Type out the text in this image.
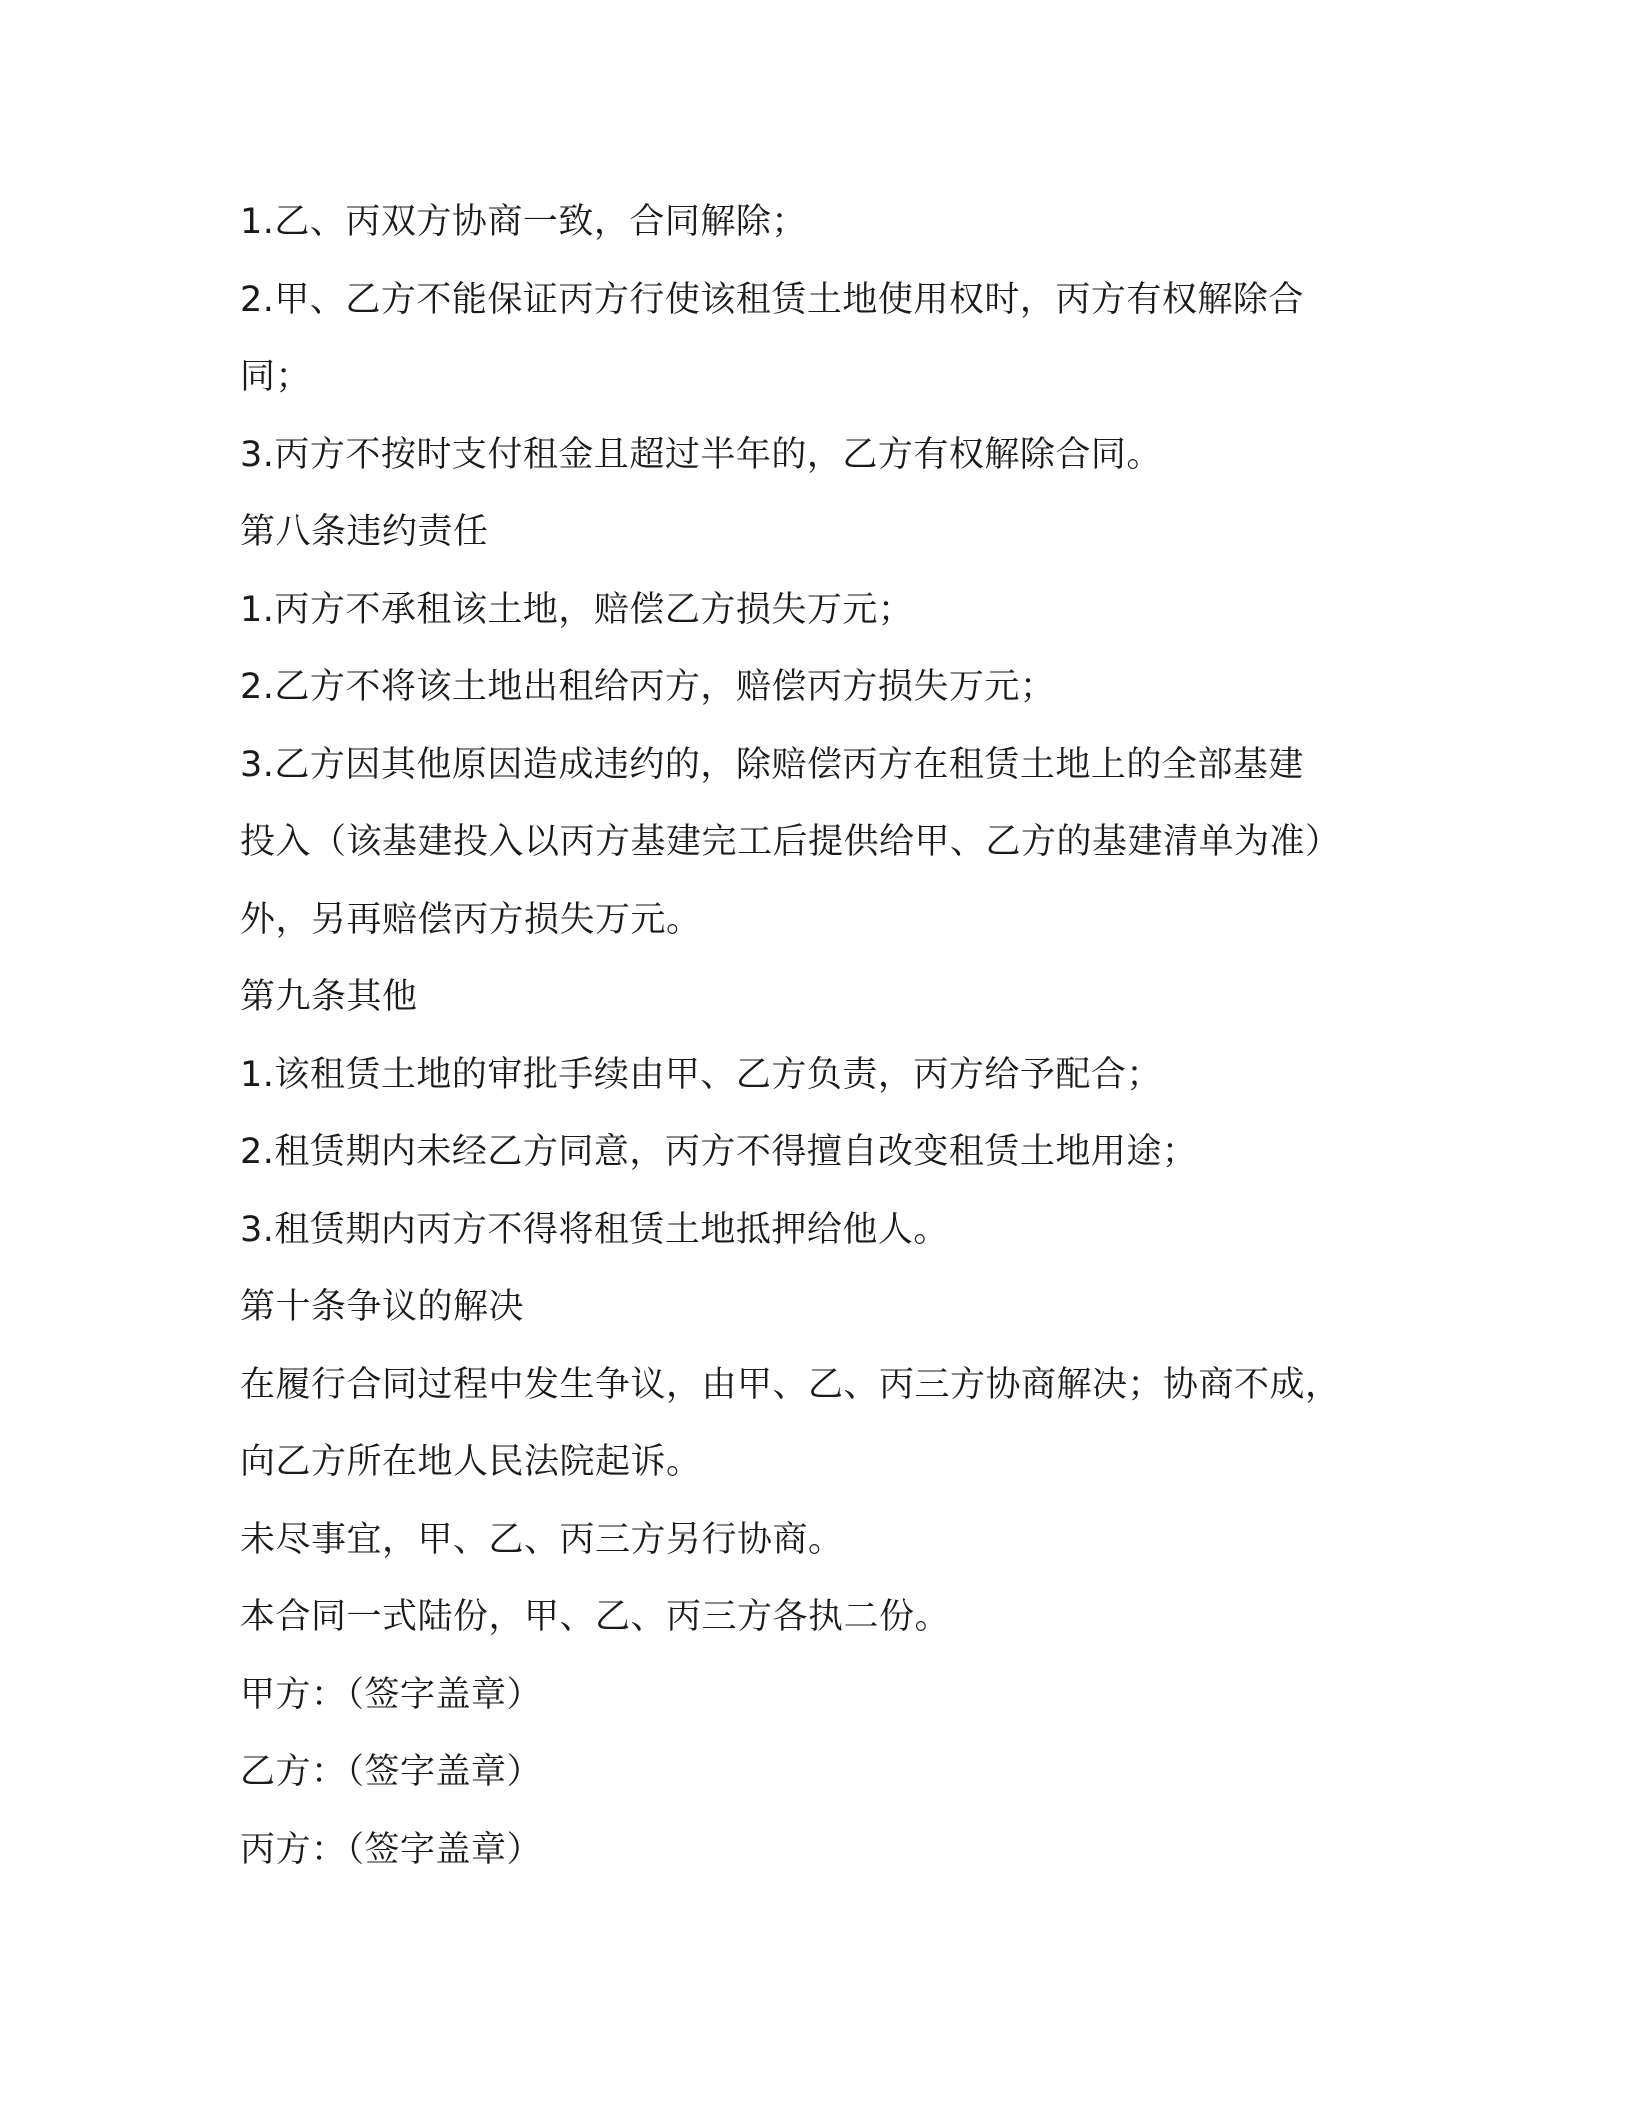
1.乙、丙双方协商一致，合同解除；
2.甲、乙方不能保证丙方行使该租赁土地使用权时，丙方有权解除合
同；
3.丙方不按时支付租金且超过半年的，乙方有权解除合同。
第八条违约责任
1.丙方不承租该土地，赔偿乙方损失万元；
2.乙方不将该土地出租给丙方，赔偿丙方损失万元；
3.乙方因其他原因造成违约的，除赔偿丙方在租赁土地上的全部基建
投入（该基建投入以丙方基建完工后提供给甲、乙方的基建清单为准）
外，另再赔偿丙方损失万元。
第九条其他
1.该租赁土地的审批手续由甲、乙方负责，丙方给予配合；
2.租赁期内未经乙方同意，丙方不得擅自改变租赁土地用途；
3.租赁期内丙方不得将租赁土地抵押给他人。
第十条争议的解决
在履行合同过程中发生争议，由甲、乙、丙三方协商解决；协商不成，
向乙方所在地人民法院起诉。
未尽事宜，甲、乙、丙三方另行协商。
本合同一式陆份，甲、乙、丙三方各执二份。
甲方：（签字盖章）
乙方：（签字盖章）
丙方：（签字盖章）
